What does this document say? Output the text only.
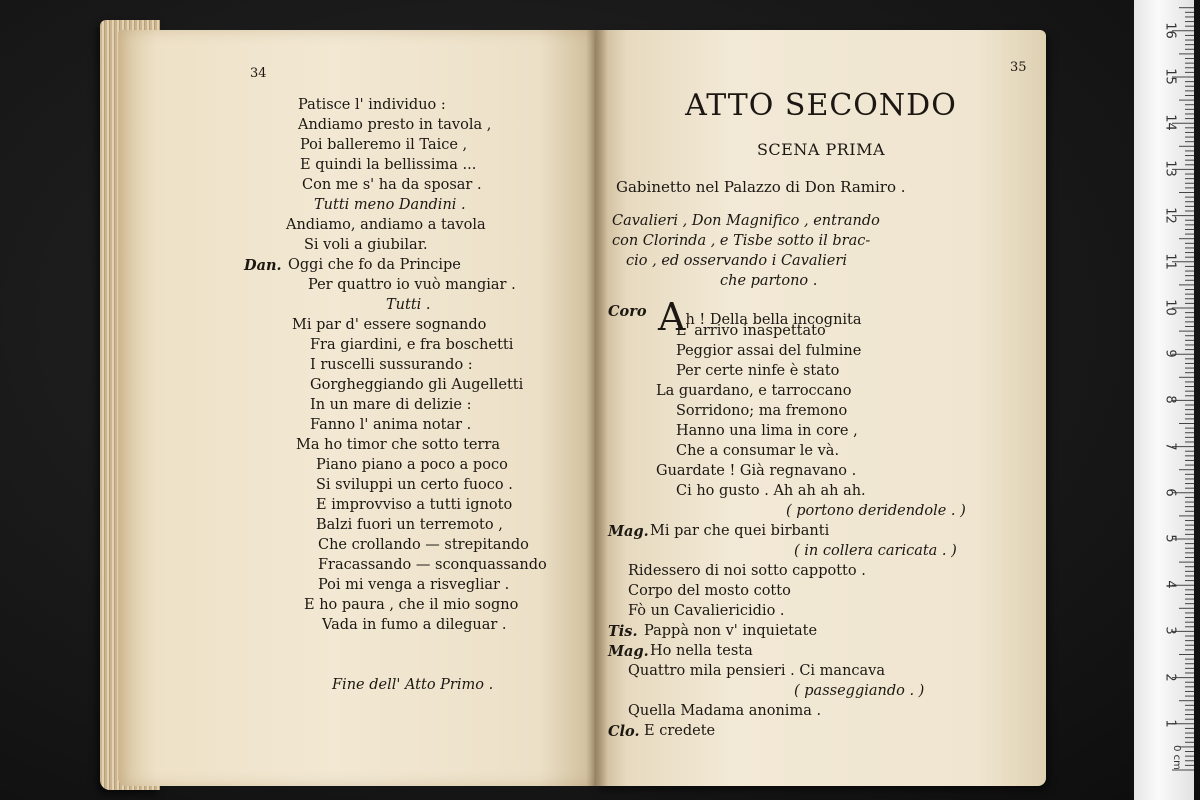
34
Patisce l' individuo :
Andiamo presto in tavola ,
Poi balleremo il Taice ,
E quindi la bellissima ...
Con me s' ha da sposar .
Tutti meno Dandini .
Andiamo, andiamo a tavola
Si voli a giubilar.
Dan. Oggi che fo da Principe
Per quattro io vuò mangiar .
Tutti .
Mi par d' essere sognando
Fra giardini, e fra boschetti
I ruscelli sussurando :
Gorgheggiando gli Augelletti
In un mare di delizie :
Fanno l' anima notar .
Ma ho timor che sotto terra
Piano piano a poco a poco
Si sviluppi un certo fuoco .
E improvviso a tutti ignoto
Balzi fuori un terremoto ,
Che crollando — strepitando
Fracassando — sconquassando
Poi mi venga a risvegliar .
E ho paura , che il mio sogno
Vada in fumo a dileguar .
Fine dell' Atto Primo .
35
ATTO SECONDO
SCENA PRIMA
Gabinetto nel Palazzo di Don Ramiro .
Cavalieri , Don Magnifico , entrando
con Clorinda , e Tisbe sotto il brac-
cio , ed osservando i Cavalieri
che partono .
Coro Ah ! Della bella incognita
L' arrivo inaspettato
Peggior assai del fulmine
Per certe ninfe è stato
La guardano, e tarroccano
Sorridono; ma fremono
Hanno una lima in core ,
Che a consumar le và.
Guardate ! Già regnavano .
Ci ho gusto . Ah ah ah ah.
( portono deridendole . )
Mag. Mi par che quei birbanti
( in collera caricata . )
Ridessero di noi sotto cappotto .
Corpo del mosto cotto
Fò un Cavaliericidio .
Tis. Pappà non v' inquietate
Mag. Ho nella testa
Quattro mila pensieri . Ci mancava
( passeggiando . )
Quella Madama anonima .
Clo. E credete
16
15
14
13
12
11
10
9
8
7
6
5
4
3
2
1
0 cm
